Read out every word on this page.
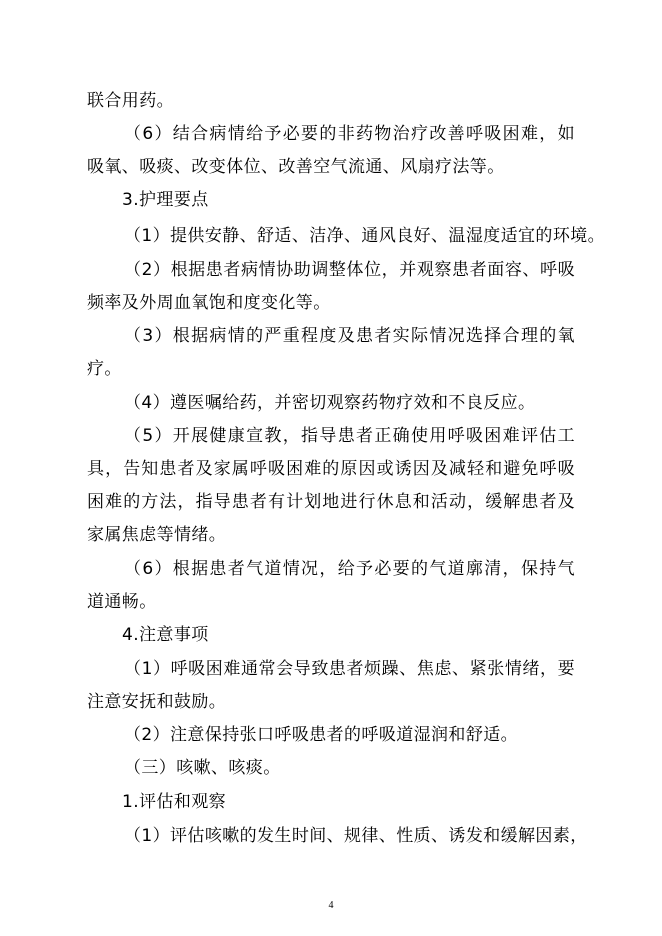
联合用药。
（6）结合病情给予必要的非药物治疗改善呼吸困难，如
吸氧、吸痰、改变体位、改善空气流通、风扇疗法等。
3.护理要点
（1）提供安静、舒适、洁净、通风良好、温湿度适宜的环境。
（2）根据患者病情协助调整体位，并观察患者面容、呼吸
频率及外周血氧饱和度变化等。
（3）根据病情的严重程度及患者实际情况选择合理的氧
疗。
（4）遵医嘱给药，并密切观察药物疗效和不良反应。
（5）开展健康宣教，指导患者正确使用呼吸困难评估工
具，告知患者及家属呼吸困难的原因或诱因及减轻和避免呼吸
困难的方法，指导患者有计划地进行休息和活动，缓解患者及
家属焦虑等情绪。
（6）根据患者气道情况，给予必要的气道廓清，保持气
道通畅。
4.注意事项
（1）呼吸困难通常会导致患者烦躁、焦虑、紧张情绪，要
注意安抚和鼓励。
（2）注意保持张口呼吸患者的呼吸道湿润和舒适。
（三）咳嗽、咳痰。
1.评估和观察
（1）评估咳嗽的发生时间、规律、性质、诱发和缓解因素，
4
